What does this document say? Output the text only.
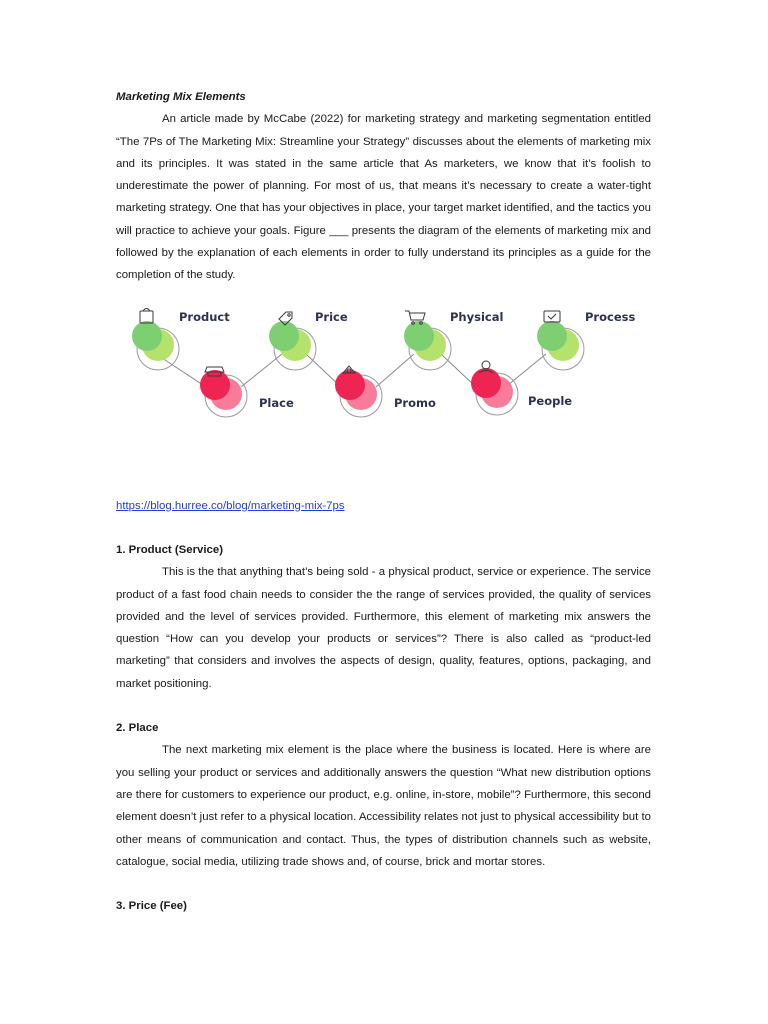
Marketing Mix Elements

An article made by McCabe (2022) for marketing strategy and marketing segmentation entitled “The 7Ps of The Marketing Mix: Streamline your Strategy” discusses about the elements of marketing mix and its principles. It was stated in the same article that As marketers, we know that it’s foolish to underestimate the power of planning. For most of us, that means it’s necessary to create a water-tight marketing strategy. One that has your objectives in place, your target market identified, and the tactics you will practice to achieve your goals. Figure ___ presents the diagram of the elements of marketing mix and followed by the explanation of each elements in order to fully understand its principles as a guide for the completion of the study.

Product
Place
Price
Promo
Physical
People
Process

https://blog.hurree.co/blog/marketing-mix-7ps

1. Product (Service)

This is the that anything that’s being sold - a physical product, service or experience. The service product of a fast food chain needs to consider the the range of services provided, the quality of services provided and the level of services provided. Furthermore, this element of marketing mix answers the question “How can you develop your products or services”? There is also called as “product-led marketing” that considers and involves the aspects of design, quality, features, options, packaging, and market positioning.

2. Place

The next marketing mix element is the place where the business is located. Here is where are you selling your product or services and additionally answers the question “What new distribution options are there for customers to experience our product, e.g. online, in-store, mobile”? Furthermore, this second element doesn’t just refer to a physical location. Accessibility relates not just to physical accessibility but to other means of communication and contact. Thus, the types of distribution channels such as website, catalogue, social media, utilizing trade shows and, of course, brick and mortar stores.

3. Price (Fee)
